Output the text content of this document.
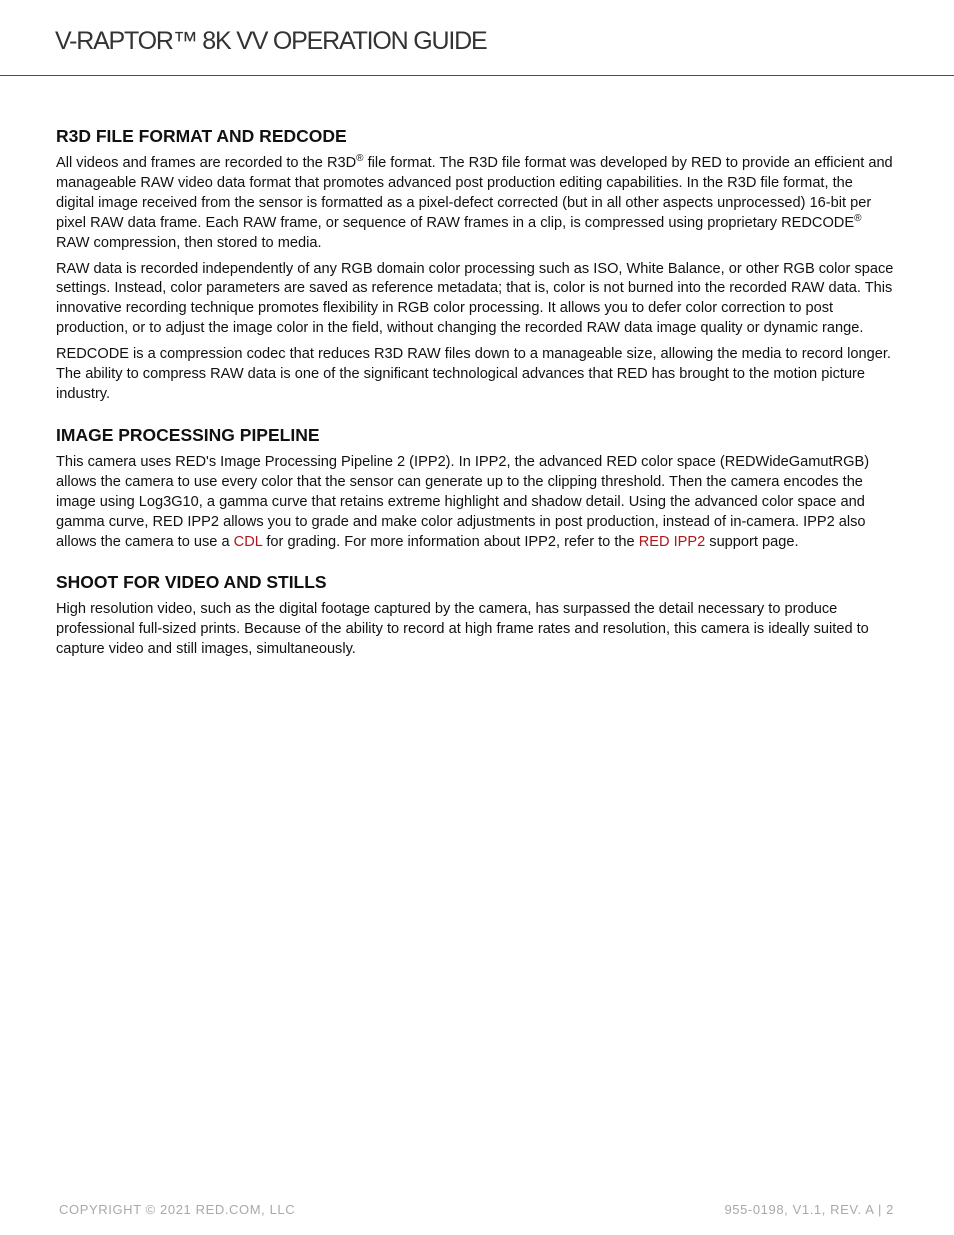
V-RAPTOR™ 8K VV OPERATION GUIDE
R3D FILE FORMAT AND REDCODE

All videos and frames are recorded to the R3D® file format. The R3D file format was developed by RED to provide an efficient and manageable RAW video data format that promotes advanced post production editing capabilities. In the R3D file format, the digital image received from the sensor is formatted as a pixel-defect corrected (but in all other aspects unprocessed) 16-bit per pixel RAW data frame. Each RAW frame, or sequence of RAW frames in a clip, is compressed using proprietary REDCODE® RAW compression, then stored to media.

RAW data is recorded independently of any RGB domain color processing such as ISO, White Balance, or other RGB color space settings. Instead, color parameters are saved as reference metadata; that is, color is not burned into the recorded RAW data. This innovative recording technique promotes flexibility in RGB color processing. It allows you to defer color correction to post production, or to adjust the image color in the field, without changing the recorded RAW data image quality or dynamic range.

REDCODE is a compression codec that reduces R3D RAW files down to a manageable size, allowing the media to record longer. The ability to compress RAW data is one of the significant technological advances that RED has brought to the motion picture industry.

IMAGE PROCESSING PIPELINE

This camera uses RED's Image Processing Pipeline 2 (IPP2). In IPP2, the advanced RED color space (REDWideGamutRGB) allows the camera to use every color that the sensor can generate up to the clipping threshold. Then the camera encodes the image using Log3G10, a gamma curve that retains extreme highlight and shadow detail. Using the advanced color space and gamma curve, RED IPP2 allows you to grade and make color adjustments in post production, instead of in-camera. IPP2 also allows the camera to use a CDL for grading. For more information about IPP2, refer to the RED IPP2 support page.

SHOOT FOR VIDEO AND STILLS

High resolution video, such as the digital footage captured by the camera, has surpassed the detail necessary to produce professional full-sized prints. Because of the ability to record at high frame rates and resolution, this camera is ideally suited to capture video and still images, simultaneously.

COPYRIGHT © 2021 RED.COM, LLC	955-0198, V1.1, REV. A | 2
